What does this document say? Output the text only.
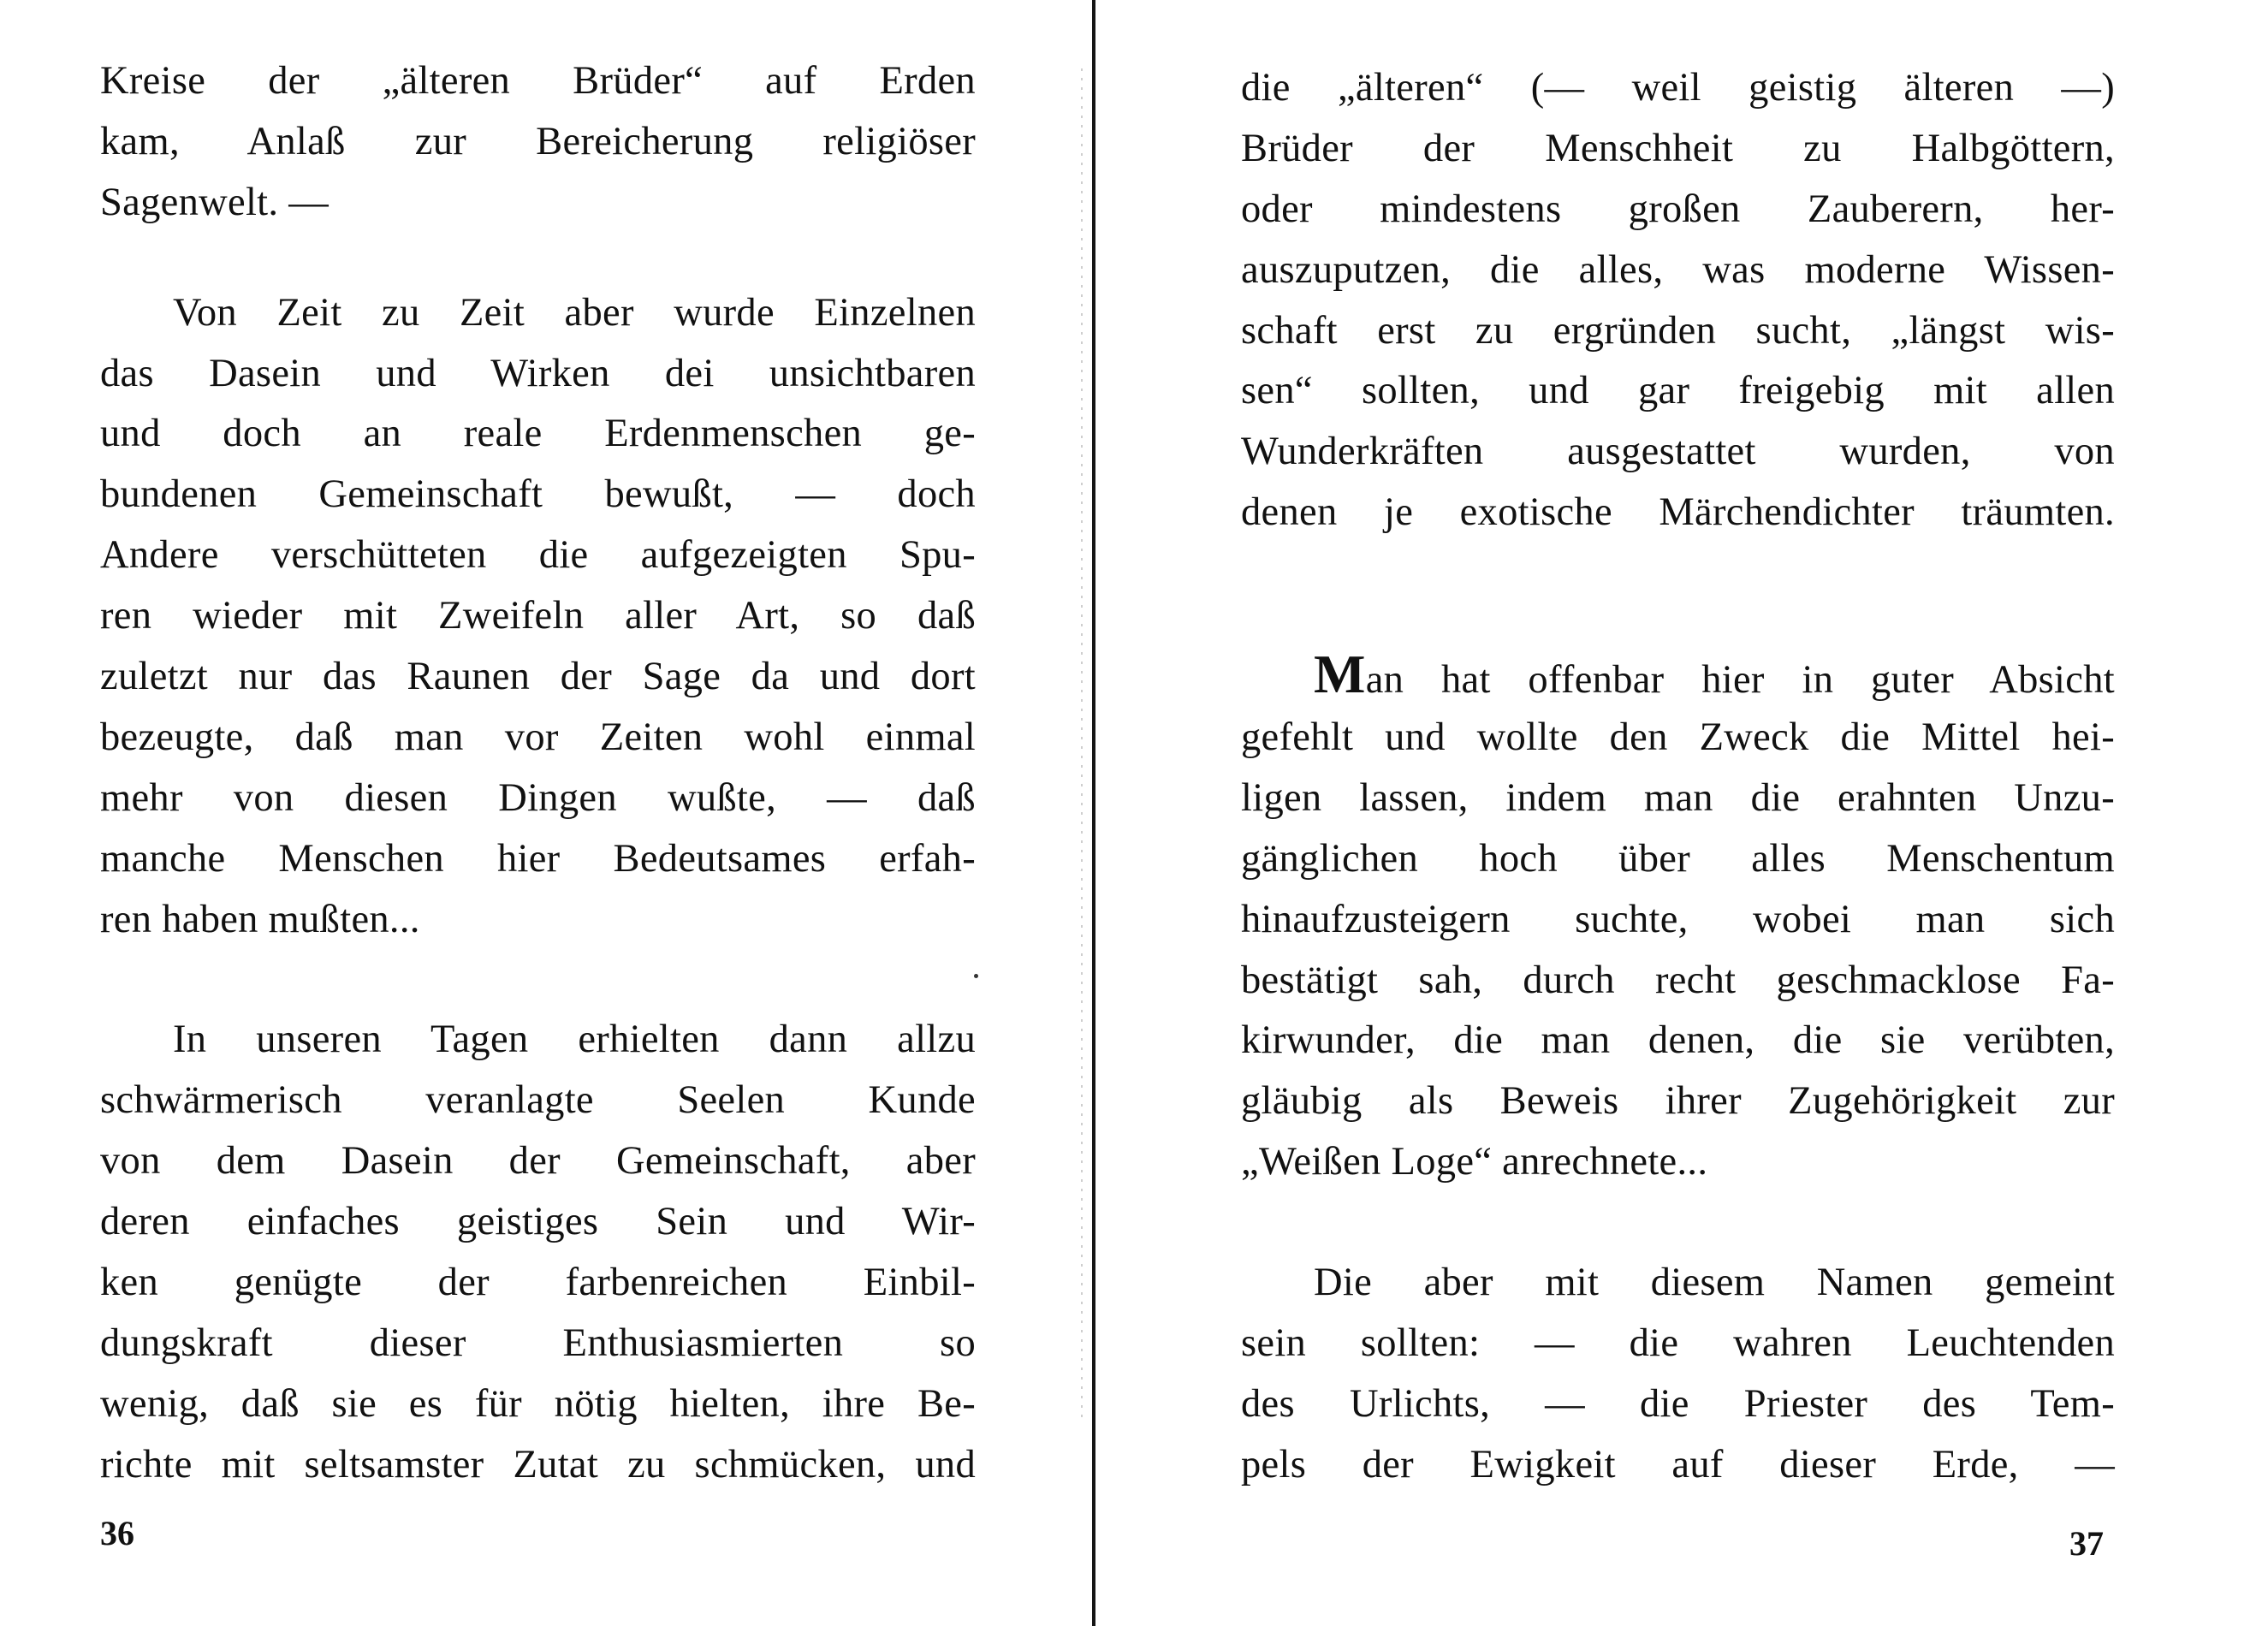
Kreise der „älteren Brüder“ auf Erden
kam, Anlaß zur Bereicherung religiöser
Sagenwelt. —
Von Zeit zu Zeit aber wurde Einzelnen
das Dasein und Wirken dei unsichtbaren
und doch an reale Erdenmenschen ge-
bundenen Gemeinschaft bewußt, — doch
Andere verschütteten die aufgezeigten Spu-
ren wieder mit Zweifeln aller Art, so daß
zuletzt nur das Raunen der Sage da und dort
bezeugte, daß man vor Zeiten wohl einmal
mehr von diesen Dingen wußte, — daß
manche Menschen hier Bedeutsames erfah-
ren haben mußten...
In unseren Tagen erhielten dann allzu
schwärmerisch veranlagte Seelen Kunde
von dem Dasein der Gemeinschaft, aber
deren einfaches geistiges Sein und Wir-
ken genügte der farbenreichen Einbil-
dungskraft dieser Enthusiasmierten so
wenig, daß sie es für nötig hielten, ihre Be-
richte mit seltsamster Zutat zu schmücken, und
36
die „älteren“ (— weil geistig älteren —)
Brüder der Menschheit zu Halbgöttern,
oder mindestens großen Zauberern, her-
auszuputzen, die alles, was moderne Wissen-
schaft erst zu ergründen sucht, „längst wis-
sen“ sollten, und gar freigebig mit allen
Wunderkräften ausgestattet wurden, von
denen je exotische Märchendichter träumten.
Man hat offenbar hier in guter Absicht
gefehlt und wollte den Zweck die Mittel hei-
ligen lassen, indem man die erahnten Unzu-
gänglichen hoch über alles Menschentum
hinaufzusteigern suchte, wobei man sich
bestätigt sah, durch recht geschmacklose Fa-
kirwunder, die man denen, die sie verübten,
gläubig als Beweis ihrer Zugehörigkeit zur
„Weißen Loge“ anrechnete...
Die aber mit diesem Namen gemeint
sein sollten: — die wahren Leuchtenden
des Urlichts, — die Priester des Tem-
pels der Ewigkeit auf dieser Erde, —
37
